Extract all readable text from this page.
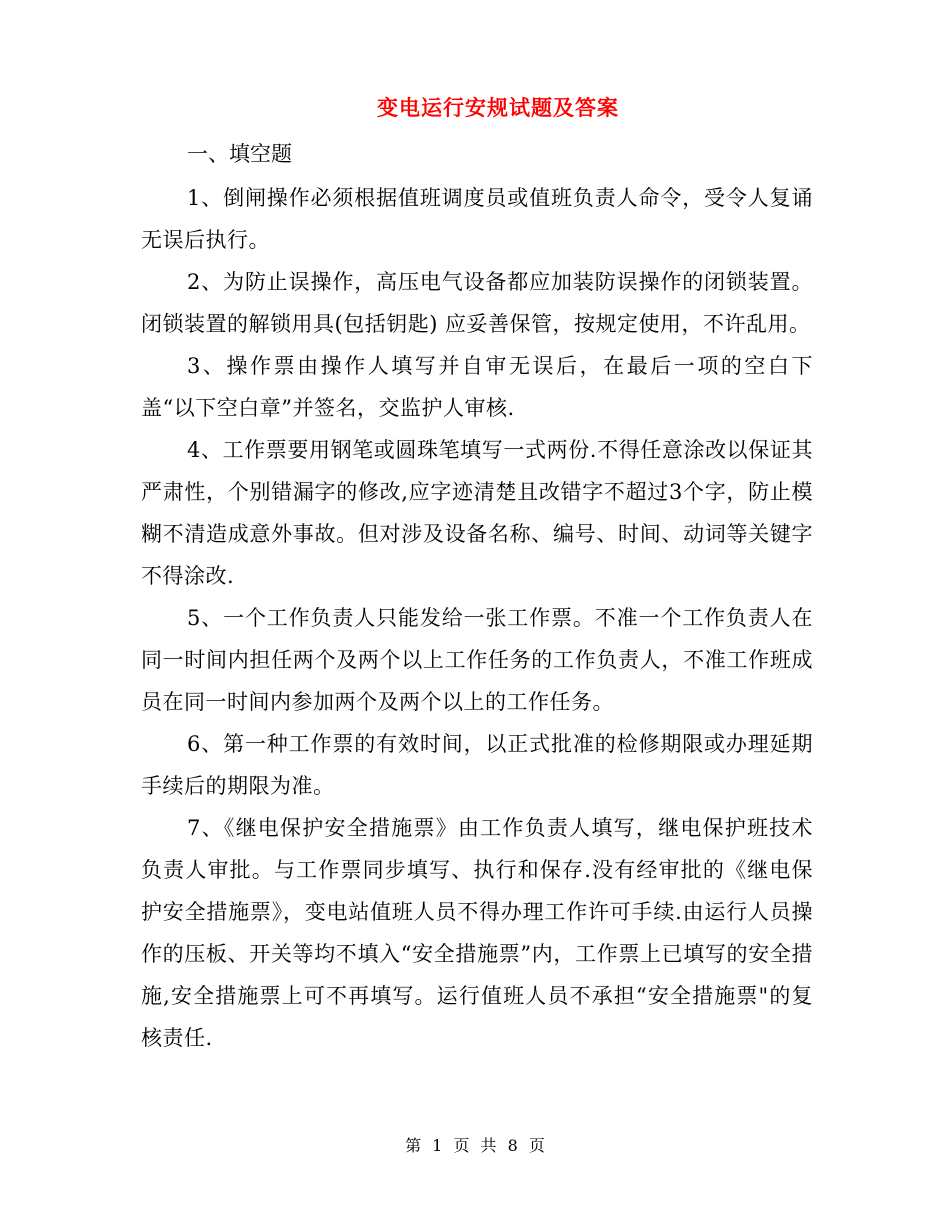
变电运行安规试题及答案
一、填空题

1、倒闸操作必须根据值班调度员或值班负责人命令，受令人复诵无误后执行。

2、为防止误操作，高压电气设备都应加装防误操作的闭锁装置。闭锁装置的解锁用具(包括钥匙) 应妥善保管，按规定使用，不许乱用。

3、操作票由操作人填写并自审无误后，在最后一项的空白下盖“以下空白章”并签名，交监护人审核.

4、工作票要用钢笔或圆珠笔填写一式两份.不得任意涂改以保证其严肃性，个别错漏字的修改,应字迹清楚且改错字不超过3个字，防止模糊不清造成意外事故。但对涉及设备名称、编号、时间、动词等关键字不得涂改.

5、一个工作负责人只能发给一张工作票。不准一个工作负责人在同一时间内担任两个及两个以上工作任务的工作负责人，不准工作班成员在同一时间内参加两个及两个以上的工作任务。

6、第一种工作票的有效时间，以正式批准的检修期限或办理延期手续后的期限为准。

7、《继电保护安全措施票》由工作负责人填写，继电保护班技术负责人审批。与工作票同步填写、执行和保存.没有经审批的《继电保护安全措施票》，变电站值班人员不得办理工作许可手续.由运行人员操作的压板、开关等均不填入“安全措施票”内，工作票上已填写的安全措施,安全措施票上可不再填写。运行值班人员不承担“安全措施票"的复核责任.

第 1 页 共 8 页
